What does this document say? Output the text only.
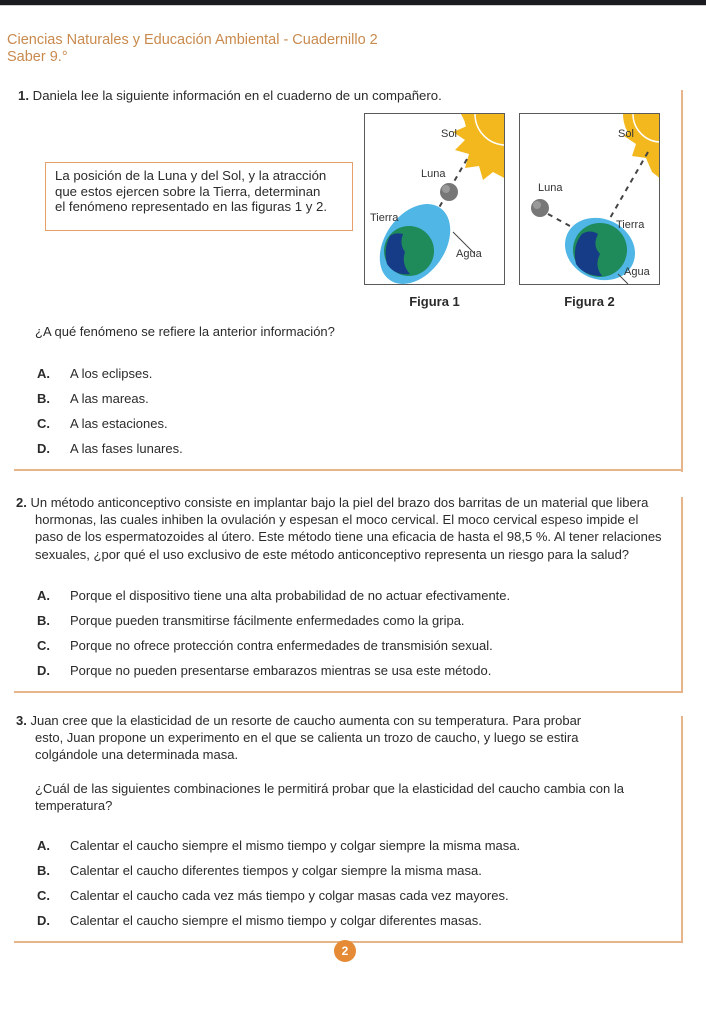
Ciencias Naturales y Educación Ambiental - Cuadernillo 2
Saber 9.°
1. Daniela lee la siguiente información en el cuaderno de un compañero.
La posición de la Luna y del Sol, y la atracción
que estos ejercen sobre la Tierra, determinan
el fenómeno representado en las figuras 1 y 2.
Sol
Luna
Tierra
Agua
Figura 1
Sol
Luna
Tierra
Agua
Figura 2
¿A qué fenómeno se refiere la anterior información?
A. A los eclipses.
B. A las mareas.
C. A las estaciones.
D. A las fases lunares.
2. Un método anticonceptivo consiste en implantar bajo la piel del brazo dos barritas de un material que libera
hormonas, las cuales inhiben la ovulación y espesan el moco cervical. El moco cervical espeso impide el
paso de los espermatozoides al útero. Este método tiene una eficacia de hasta el 98,5 %. Al tener relaciones
sexuales, ¿por qué el uso exclusivo de este método anticonceptivo representa un riesgo para la salud?
A. Porque el dispositivo tiene una alta probabilidad de no actuar efectivamente.
B. Porque pueden transmitirse fácilmente enfermedades como la gripa.
C. Porque no ofrece protección contra enfermedades de transmisión sexual.
D. Porque no pueden presentarse embarazos mientras se usa este método.
3. Juan cree que la elasticidad de un resorte de caucho aumenta con su temperatura. Para probar
esto, Juan propone un experimento en el que se calienta un trozo de caucho, y luego se estira
colgándole una determinada masa.
¿Cuál de las siguientes combinaciones le permitirá probar que la elasticidad del caucho cambia con la
temperatura?
A. Calentar el caucho siempre el mismo tiempo y colgar siempre la misma masa.
B. Calentar el caucho diferentes tiempos y colgar siempre la misma masa.
C. Calentar el caucho cada vez más tiempo y colgar masas cada vez mayores.
D. Calentar el caucho siempre el mismo tiempo y colgar diferentes masas.
2
